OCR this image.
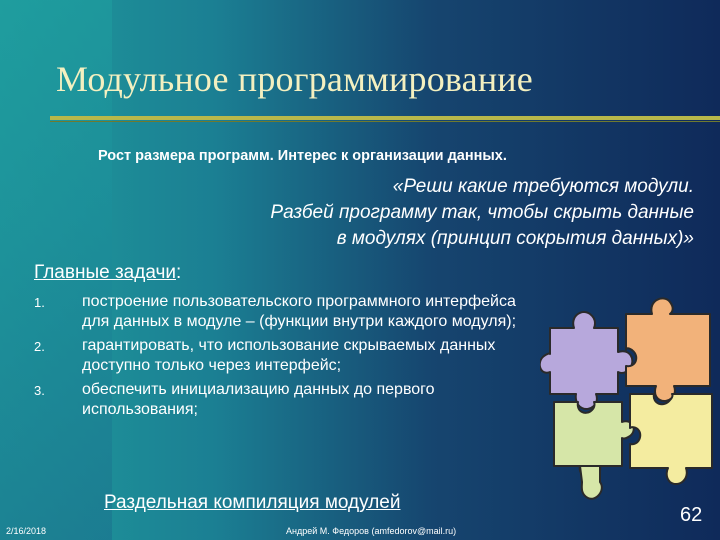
Модульное программирование

Рост размера программ. Интерес к организации данных.

«Реши какие требуются модули.
Разбей программу так, чтобы скрыть данные
в модулях (принцип сокрытия данных)»

Главные задачи:

1.	построение пользовательского программного интерфейса для данных в модуле – (функции внутри каждого модуля);
2.	гарантировать, что использование скрываемых данных доступно только через интерфейс;
3.	обеспечить инициализацию данных до первого использования;

Раздельная компиляция модулей

2/16/2018	Андрей М. Федоров (amfedorov@mail.ru)
62
